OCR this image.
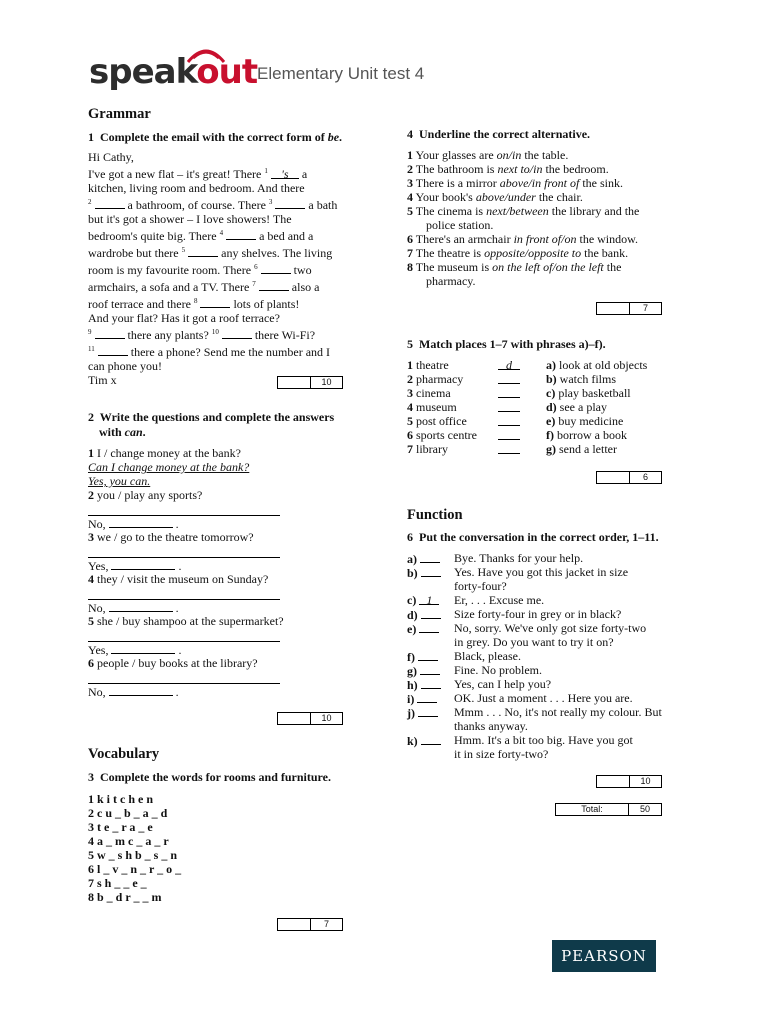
speakout Elementary Unit test 4
Grammar
1 Complete the email with the correct form of be.
Hi Cathy,
I've got a new flat – it's great! There $^1$ 's a
kitchen, living room and bedroom. And there
$^2$	a bathroom, of course. There $^3$	a bath
but it's got a shower – I love showers! The
bedroom's quite big. There $^4$	a bed and a
wardrobe but there $^5$	any shelves. The living
room is my favourite room. There $^6$	two
armchairs, a sofa and a TV. There $^7$	also a
roof terrace and there $^8$	lots of plants!
And your flat? Has it got a roof terrace?
$^9$	there any plants? $^{10}$	there Wi-Fi?
$^{11}$	there a phone? Send me the number and I
can phone you!
Tim x	10
2 Write the questions and complete the answers
with can.
1 I / change money at the bank?
Can I change money at the bank?
Yes, you can.
2 you / play any sports?
No,	.
3 we / go to the theatre tomorrow?
Yes,	.
4 they / visit the museum on Sunday?
No,	.
5 she / buy shampoo at the supermarket?
Yes,	.
6 people / buy books at the library?
No,	.
10
Vocabulary
3 Complete the words for rooms and furniture.
1 k i t c h e n
2 c u _ b _ a _ d
3 t e _ r a _ e
4 a _ m c _ a _ r
5 w _ s h b _ s _ n
6 l _ v _ n _ r _ o _
7 s h _ _ e _
8 b _ d r _ _ m
7
4 Underline the correct alternative.
1 Your glasses are on/in the table.
2 The bathroom is next to/in the bedroom.
3 There is a mirror above/in front of the sink.
4 Your book's above/under the chair.
5 The cinema is next/between the library and the
police station.
6 There's an armchair in front of/on the window.
7 The theatre is opposite/opposite to the bank.
8 The museum is on the left of/on the left the
pharmacy.
7
5 Match places 1–7 with phrases a)–f).
1 theatre	d	a) look at old objects
2 pharmacy	b) watch films
3 cinema	c) play basketball
4 museum	d) see a play
5 post office	e) buy medicine
6 sports centre	f) borrow a book
7 library	g) send a letter
6
Function
6 Put the conversation in the correct order, 1–11.
a)	Bye. Thanks for your help.
b)	Yes. Have you got this jacket in size
forty-four?
c) 1	Er, . . . Excuse me.
d)	Size forty-four in grey or in black?
e)	No, sorry. We've only got size forty-two
in grey. Do you want to try it on?
f)	Black, please.
g)	Fine. No problem.
h)	Yes, can I help you?
i)	OK. Just a moment . . . Here you are.
j)	Mmm . . . No, it's not really my colour. But
thanks anyway.
k)	Hmm. It's a bit too big. Have you got
it in size forty-two?
10
Total:	50
PEARSON
